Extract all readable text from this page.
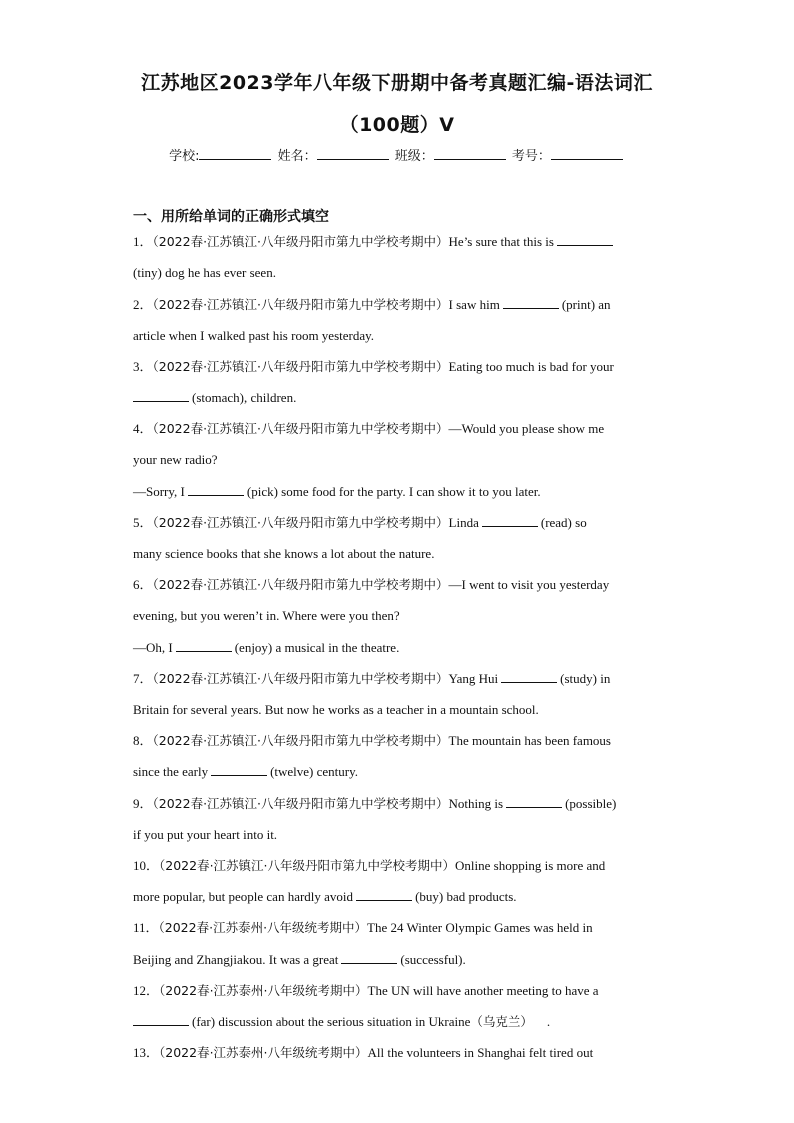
江苏地区2023学年八年级下册期中备考真题汇编-语法词汇
（100题）Ⅴ
学校:	姓名：	班级：	考号：
一、用所给单词的正确形式填空
1．（2022春·江苏镇江·八年级丹阳市第九中学校考期中）He’s sure that this is
(tiny) dog he has ever seen.
2．（2022春·江苏镇江·八年级丹阳市第九中学校考期中）I saw him	(print) an
article when I walked past his room yesterday.
3．（2022春·江苏镇江·八年级丹阳市第九中学校考期中）Eating too much is bad for your
(stomach), children.
4．（2022春·江苏镇江·八年级丹阳市第九中学校考期中）—Would you please show me
your new radio?
—Sorry, I	(pick) some food for the party. I can show it to you later.
5．（2022春·江苏镇江·八年级丹阳市第九中学校考期中）Linda	(read) so
many science books that she knows a lot about the nature.
6．（2022春·江苏镇江·八年级丹阳市第九中学校考期中）—I went to visit you yesterday
evening, but you weren’t in. Where were you then?
—Oh, I	(enjoy) a musical in the theatre.
7．（2022春·江苏镇江·八年级丹阳市第九中学校考期中）Yang Hui	(study) in
Britain for several years. But now he works as a teacher in a mountain school.
8．（2022春·江苏镇江·八年级丹阳市第九中学校考期中）The mountain has been famous
since the early	(twelve) century.
9．（2022春·江苏镇江·八年级丹阳市第九中学校考期中）Nothing is	(possible)
if you put your heart into it.
10．（2022春·江苏镇江·八年级丹阳市第九中学校考期中）Online shopping is more and
more popular, but people can hardly avoid	(buy) bad products.
11．（2022春·江苏泰州·八年级统考期中）The 24 Winter Olympic Games was held in
Beijing and Zhangjiakou. It was a great	(successful).
12．（2022春·江苏泰州·八年级统考期中）The UN will have another meeting to have a
(far) discussion about the serious situation in Ukraine（乌克兰） .
13．（2022春·江苏泰州·八年级统考期中）All the volunteers in Shanghai felt tired out
